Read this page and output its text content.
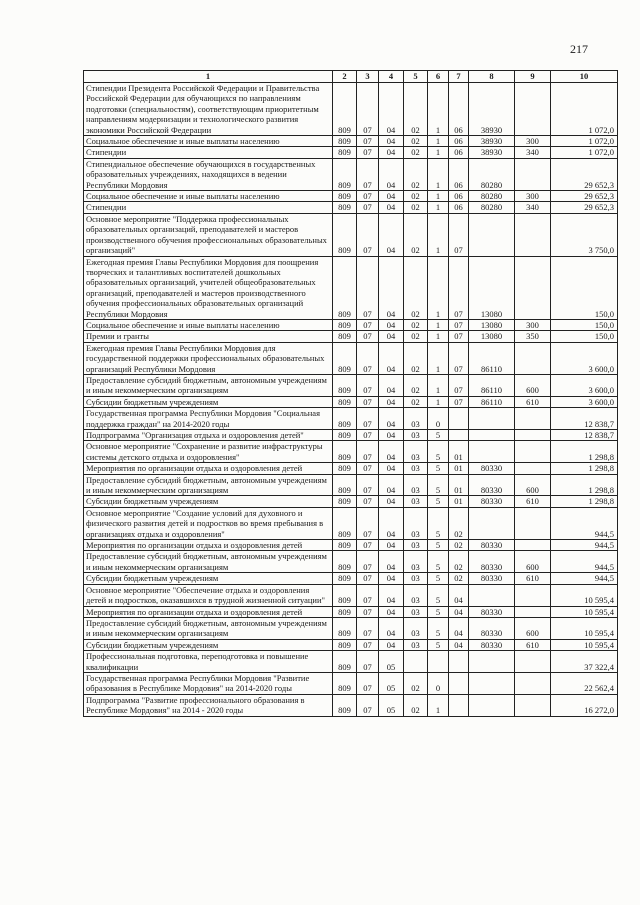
217
1	2	3	4	5	6	7	8	9	10
Стипендии Президента Российской Федерации и Правительства Российской Федерации для обучающихся по направлениям подготовки (специальностям), соответствующим приоритетным направлениям модернизации и технологического развития экономики Российской Федерации	809	07	04	02	1	06	38930		1 072,0
Социальное обеспечение и иные выплаты населению	809	07	04	02	1	06	38930	300	1 072,0
Стипендии	809	07	04	02	1	06	38930	340	1 072,0
Стипендиальное обеспечение обучающихся в государственных образовательных учреждениях, находящихся в ведении Республики Мордовия	809	07	04	02	1	06	80280		29 652,3
Социальное обеспечение и иные выплаты населению	809	07	04	02	1	06	80280	300	29 652,3
Стипендии	809	07	04	02	1	06	80280	340	29 652,3
Основное мероприятие "Поддержка профессиональных образовательных организаций, преподавателей и мастеров производственного обучения профессиональных образовательных организаций"	809	07	04	02	1	07			3 750,0
Ежегодная премия Главы Республики Мордовия для поощрения творческих и талантливых воспитателей дошкольных образовательных организаций, учителей общеобразовательных организаций, преподавателей и мастеров производственного обучения профессиональных образовательных организаций Республики Мордовия	809	07	04	02	1	07	13080		150,0
Социальное обеспечение и иные выплаты населению	809	07	04	02	1	07	13080	300	150,0
Премии и гранты	809	07	04	02	1	07	13080	350	150,0
Ежегодная премия Главы Республики Мордовия для государственной поддержки профессиональных образовательных организаций Республики Мордовия	809	07	04	02	1	07	86110		3 600,0
Предоставление субсидий бюджетным, автономным учреждениям и иным некоммерческим организациям	809	07	04	02	1	07	86110	600	3 600,0
Субсидии бюджетным учреждениям	809	07	04	02	1	07	86110	610	3 600,0
Государственная программа Республики Мордовия "Социальная поддержка граждан" на 2014-2020 годы	809	07	04	03	0				12 838,7
Подпрограмма "Организация отдыха и оздоровления детей"	809	07	04	03	5				12 838,7
Основное мероприятие "Сохранение и развитие инфраструктуры системы детского отдыха и оздоровления"	809	07	04	03	5	01			1 298,8
Мероприятия по организации отдыха и оздоровления детей	809	07	04	03	5	01	80330		1 298,8
Предоставление субсидий бюджетным, автономным учреждениям и иным некоммерческим организациям	809	07	04	03	5	01	80330	600	1 298,8
Субсидии бюджетным учреждениям	809	07	04	03	5	01	80330	610	1 298,8
Основное мероприятие "Создание условий для духовного и физического развития детей и подростков во время пребывания в организациях отдыха и оздоровления"	809	07	04	03	5	02			944,5
Мероприятия по организации отдыха и оздоровления детей	809	07	04	03	5	02	80330		944,5
Предоставление субсидий бюджетным, автономным учреждениям и иным некоммерческим организациям	809	07	04	03	5	02	80330	600	944,5
Субсидии бюджетным учреждениям	809	07	04	03	5	02	80330	610	944,5
Основное мероприятие "Обеспечение отдыха и оздоровления детей и подростков, оказавшихся в трудной жизненной ситуации"	809	07	04	03	5	04			10 595,4
Мероприятия по организации отдыха и оздоровления детей	809	07	04	03	5	04	80330		10 595,4
Предоставление субсидий бюджетным, автономным учреждениям и иным некоммерческим организациям	809	07	04	03	5	04	80330	600	10 595,4
Субсидии бюджетным учреждениям	809	07	04	03	5	04	80330	610	10 595,4
Профессиональная подготовка, переподготовка и повышение квалификации	809	07	05						37 322,4
Государственная программа Республики Мордовия "Развитие образования в Республике Мордовия" на 2014-2020 годы	809	07	05	02	0				22 562,4
Подпрограмма "Развитие профессионального образования в Республике Мордовия" на 2014 - 2020 годы	809	07	05	02	1				16 272,0
